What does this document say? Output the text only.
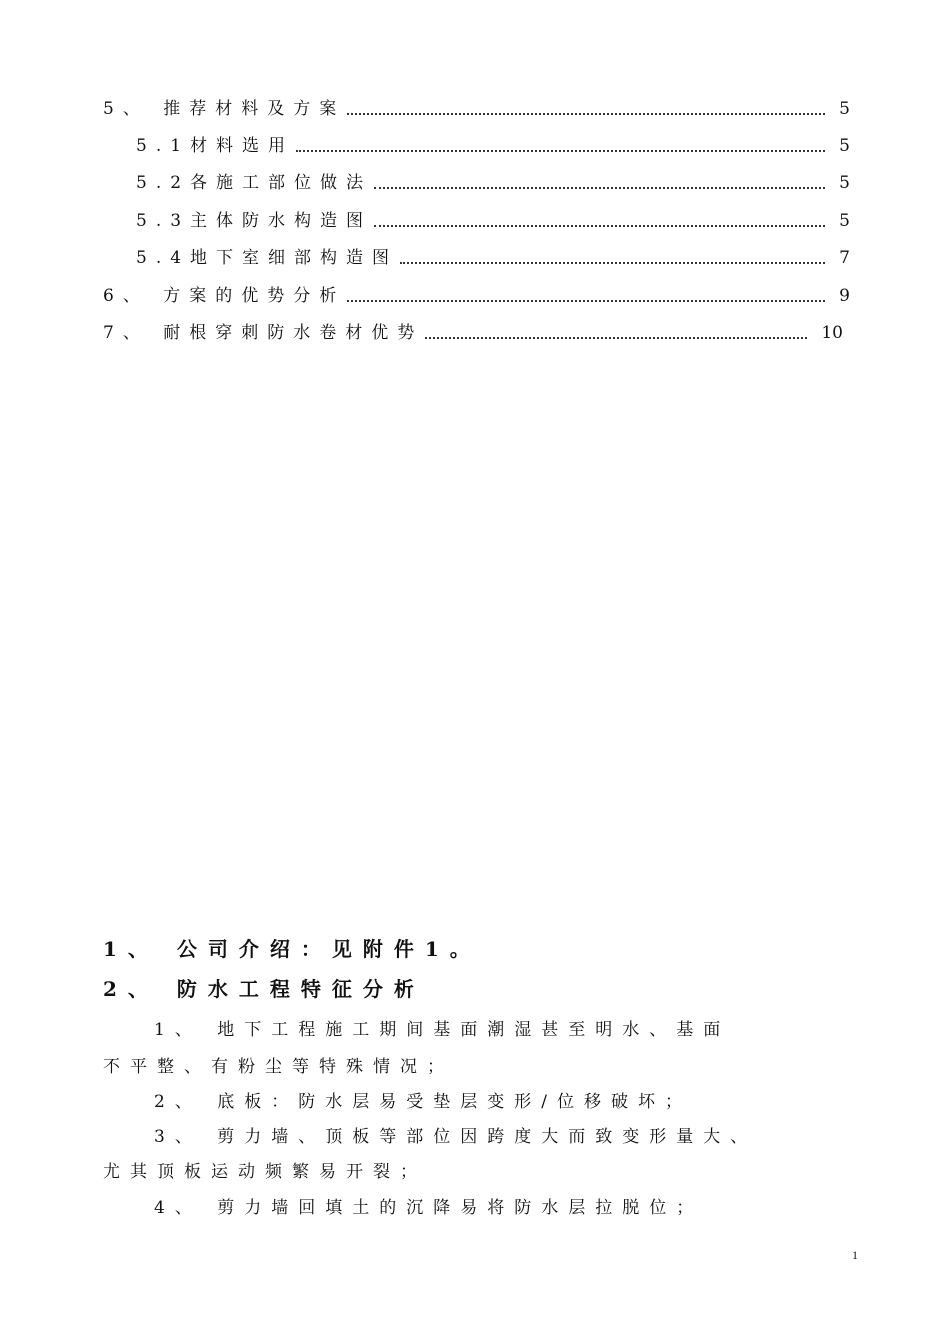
5、 推荐材料及方案	5
5.1材料选用	5
5.2各施工部位做法	5
5.3主体防水构造图	5
5.4地下室细部构造图	7
6、 方案的优势分析	9
7、 耐根穿刺防水卷材优势	10
1、 公司介绍：见附件1。
2、 防水工程特征分析
1、 地下工程施工期间基面潮湿甚至明水、基面
不平整、有粉尘等特殊情况；
2、 底板：防水层易受垫层变形/位移破坏；
3、 剪力墙、顶板等部位因跨度大而致变形量大、
尤其顶板运动频繁易开裂；
4、 剪力墙回填土的沉降易将防水层拉脱位；
1
